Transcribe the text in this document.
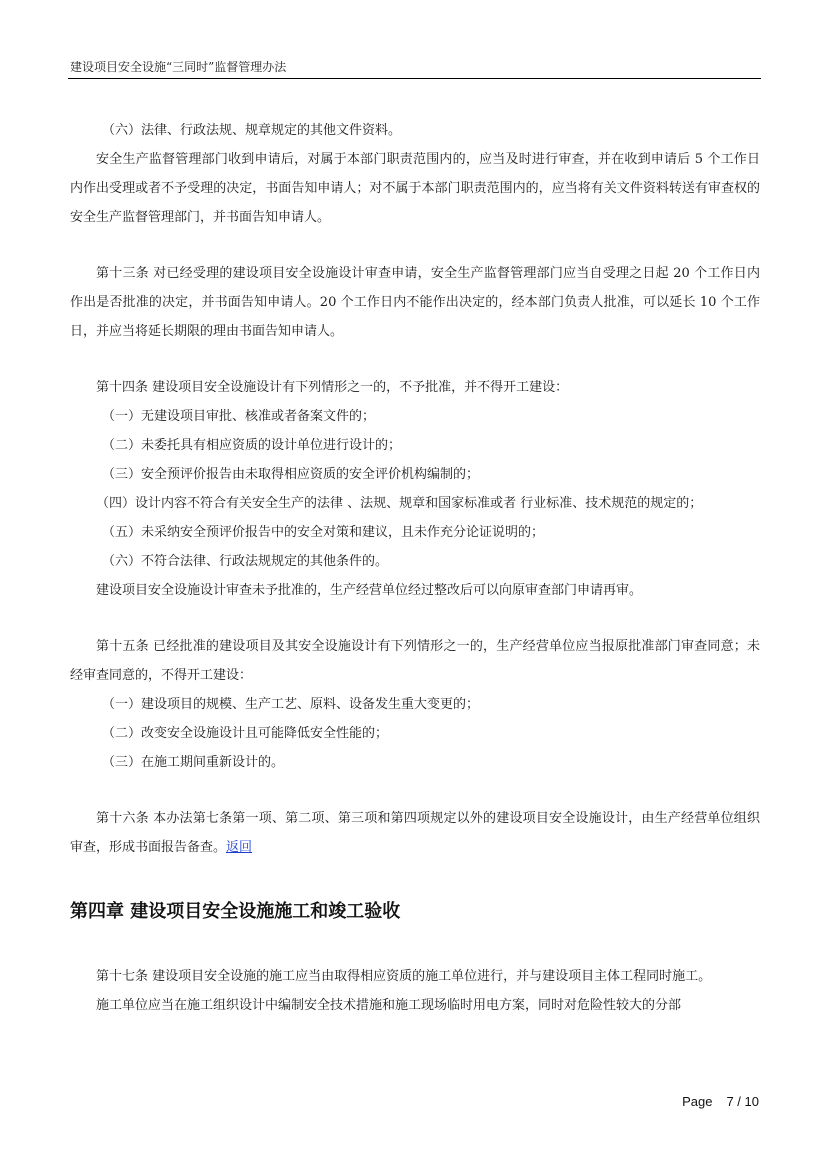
建设项目安全设施“三同时”监督管理办法

（六）法律、行政法规、规章规定的其他文件资料。

安全生产监督管理部门收到申请后，对属于本部门职责范围内的，应当及时进行审查，并在收到申请后 5 个工作日内作出受理或者不予受理的决定，书面告知申请人；对不属于本部门职责范围内的，应当将有关文件资料转送有审查权的安全生产监督管理部门，并书面告知申请人。

第十三条 对已经受理的建设项目安全设施设计审查申请，安全生产监督管理部门应当自受理之日起 20 个工作日内作出是否批准的决定，并书面告知申请人。20 个工作日内不能作出决定的，经本部门负责人批准，可以延长 10 个工作日，并应当将延长期限的理由书面告知申请人。

第十四条 建设项目安全设施设计有下列情形之一的，不予批准，并不得开工建设：

（一）无建设项目审批、核准或者备案文件的；

（二）未委托具有相应资质的设计单位进行设计的；

（三）安全预评价报告由未取得相应资质的安全评价机构编制的；

（四）设计内容不符合有关安全生产的法律 、法规、规章和国家标准或者 行业标准、技术规范的规定的；

（五）未采纳安全预评价报告中的安全对策和建议，且未作充分论证说明的；

（六）不符合法律、行政法规规定的其他条件的。

建设项目安全设施设计审查未予批准的，生产经营单位经过整改后可以向原审查部门申请再审。

第十五条 已经批准的建设项目及其安全设施设计有下列情形之一的，生产经营单位应当报原批准部门审查同意；未经审查同意的，不得开工建设：

（一）建设项目的规模、生产工艺、原料、设备发生重大变更的；

（二）改变安全设施设计且可能降低安全性能的；

（三）在施工期间重新设计的。

第十六条 本办法第七条第一项、第二项、第三项和第四项规定以外的建设项目安全设施设计，由生产经营单位组织审查，形成书面报告备查。返回

第四章 建设项目安全设施施工和竣工验收

第十七条 建设项目安全设施的施工应当由取得相应资质的施工单位进行，并与建设项目主体工程同时施工。

施工单位应当在施工组织设计中编制安全技术措施和施工现场临时用电方案，同时对危险性较大的分部

Page 7 / 10
